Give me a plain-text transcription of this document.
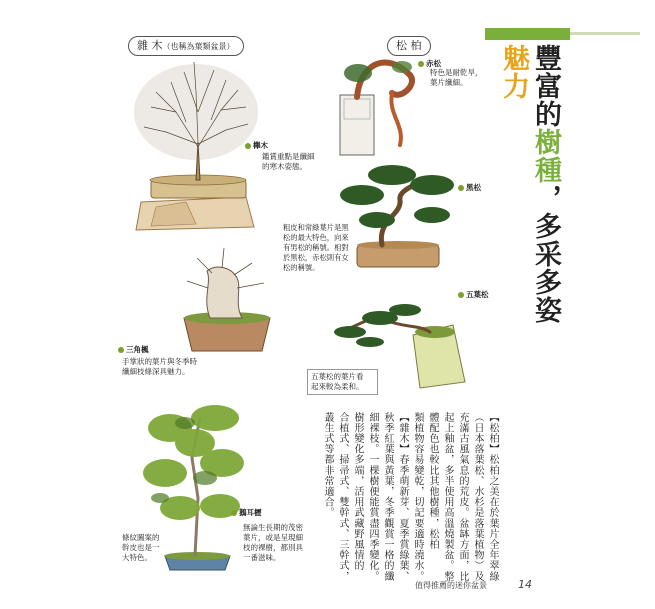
雜 木（也稱為葉類盆景）	松 柏
櫸木
鑑賞重點是纖細
的寒木姿態。
赤松
特色是耐乾旱，
葉片纖細。
黑松
粗皮和常綠葉片是黑
松的最大特色，向來
有男松的稱號。相對
於黑松，赤松則有女
松的稱號。
三角楓
手掌狀的葉片與冬季時
纖細枝條深具魅力。
五葉松
五葉松的葉片看
起來較為柔和。
鵝耳櫪
條紋圖案的
幹皮也是一
大特色。
無論生長期的茂密
葉片，或是呈現細
枝的裸樹，都別具
一番滋味。
豐富的樹種，多采多姿魅力
【松柏】松柏之美在於葉片全年翠綠
（日本落葉松、水杉是落葉植物）及
充滿古風氣息的荒皮。盆缽方面，比
起上釉盆，多半使用高溫燒製盆。整
體配色也較比其他樹種，松柏
類植物容易變乾，切記要適時澆水。
【雜木】春季萌新芽、夏季賞綠葉、
秋季紅葉與黃葉，冬季觀賞一格的纖
細裸枝。一棵樹便能賞盡四季變化。
樹形變化多端，活用武藏野風情的
合植式、掃帚式、雙幹式、三幹式，
叢生式等都非常適合。
值得推薦的迷你盆景	14
